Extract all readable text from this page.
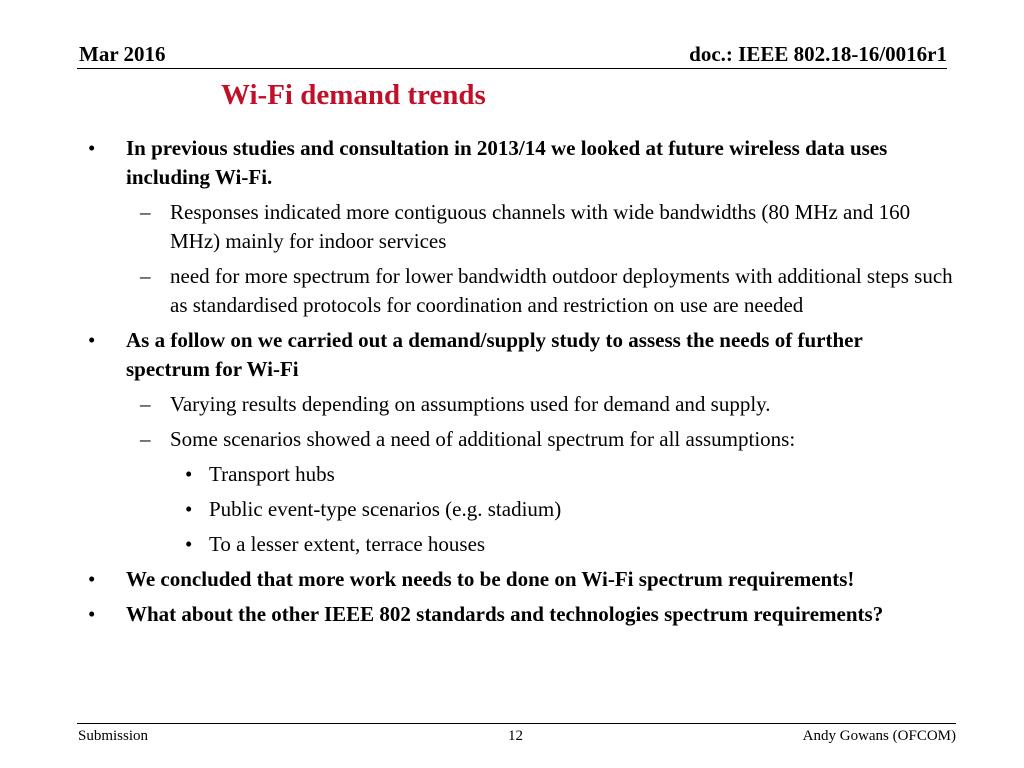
Mar 2016	doc.: IEEE 802.18-16/0016r1
Wi-Fi demand trends
• In previous studies and consultation in 2013/14 we looked at future wireless data uses including Wi-Fi.
– Responses indicated more contiguous channels with wide bandwidths (80 MHz and 160 MHz) mainly for indoor services
– need for more spectrum for lower bandwidth outdoor deployments with additional steps such as standardised protocols for coordination and restriction on use are needed
• As a follow on we carried out a demand/supply study to assess the needs of further spectrum for Wi-Fi
– Varying results depending on assumptions used for demand and supply.
– Some scenarios showed a need of additional spectrum for all assumptions:
• Transport hubs
• Public event-type scenarios (e.g. stadium)
• To a lesser extent, terrace houses
• We concluded that more work needs to be done on Wi-Fi spectrum requirements!
• What about the other IEEE 802 standards and technologies spectrum requirements?
Submission	12	Andy Gowans (OFCOM)
